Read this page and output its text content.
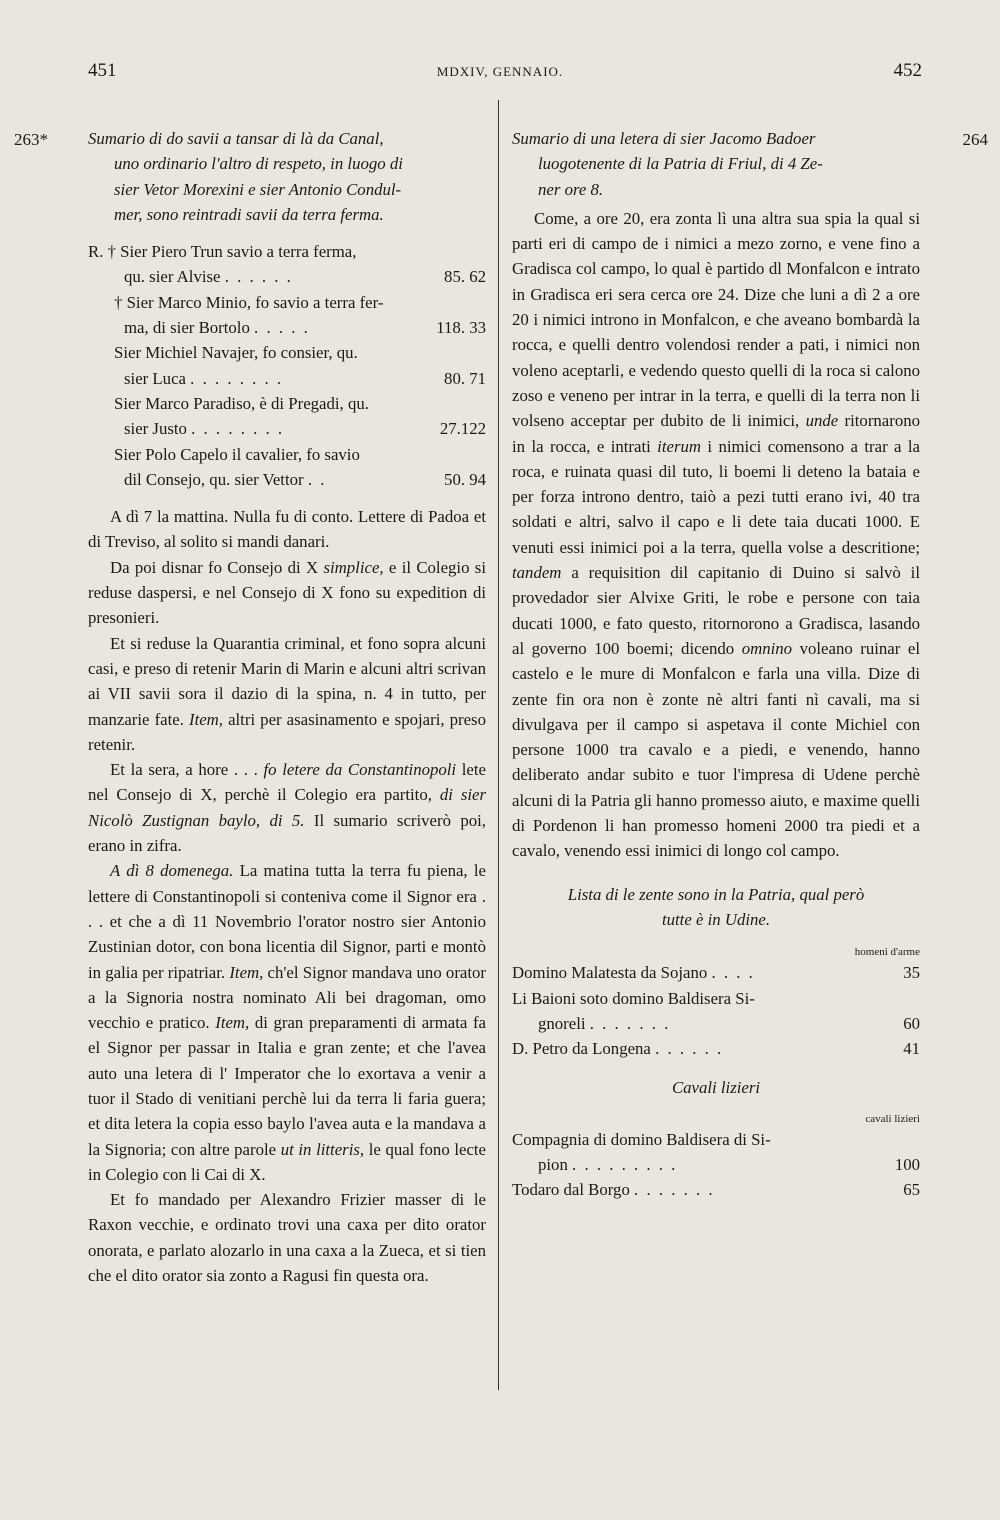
451	MDXIV, GENNAIO.	452
263*	264

Sumario di do savii a tansar di là da Canal,

uno ordinario l'altro di respeto, in luogo di

sier Vetor Morexini e sier Antonio Condul-

mer, sono reintradi savii da terra ferma.

R. † Sier Piero Trun savio a terra ferma,

qu. sier Alvise . . . . . .	85. 62

† Sier Marco Minio, fo savio a terra fer-

ma, di sier Bortolo . . . . .	118. 33

Sier Michiel Navajer, fo consier, qu.

sier Luca . . . . . . . .	80. 71

Sier Marco Paradiso, è di Pregadi, qu.

sier Justo . . . . . . . .	27.122

Sier Polo Capelo il cavalier, fo savio

dil Consejo, qu. sier Vettor . .	50. 94

A dì 7 la mattina. Nulla fu di conto. Lettere di Padoa et di Treviso, al solito si mandi danari.

Da poi disnar fo Consejo di X simplice, e il Colegio si reduse daspersi, e nel Consejo di X fono su expedition di presonieri.

Et si reduse la Quarantia criminal, et fono sopra alcuni casi, e preso di retenir Marin di Marin e alcuni altri scrivan ai VII savii sora il dazio di la spina, n. 4 in tutto, per manzarie fate. Item, altri per asasinamento e spojari, preso retenir.

Et la sera, a hore . . . fo letere da Constantinopoli lete nel Consejo di X, perchè il Colegio era partito, di sier Nicolò Zustignan baylo, di 5. Il sumario scriverò poi, erano in zifra.

A dì 8 domenega. La matina tutta la terra fu piena, le lettere di Constantinopoli si conteniva come il Signor era . . . et che a dì 11 Novembrio l'orator nostro sier Antonio Zustinian dotor, con bona licentia dil Signor, parti e montò in galia per ripatriar. Item, ch'el Signor mandava uno orator a la Signoria nostra nominato Ali bei dragoman, omo vecchio e pratico. Item, di gran preparamenti di armata fa el Signor per passar in Italia e gran zente; et che l'avea auto una letera di l' Imperator che lo exortava a venir a tuor il Stado di venitiani perchè lui da terra li faria guera; et dita letera la copia esso baylo l'avea auta e la mandava a la Signoria; con altre parole ut in litteris, le qual fono lecte in Colegio con li Cai di X.

Et fo mandado per Alexandro Frizier masser di le Raxon vecchie, e ordinato trovi una caxa per dito orator onorata, e parlato alozarlo in una caxa a la Zueca, et si tien che el dito orator sia zonto a Ragusi fin questa ora.

Sumario di una letera di sier Jacomo Badoer

luogotenente di la Patria di Friul, di 4 Ze-

ner ore 8.

Come, a ore 20, era zonta lì una altra sua spia la qual si parti eri di campo de i nimici a mezo zorno, e vene fino a Gradisca col campo, lo qual è partido dl Monfalcon e intrato in Gradisca eri sera cerca ore 24. Dize che luni a dì 2 a ore 20 i nimici introno in Monfalcon, e che aveano bombardà la rocca, e quelli dentro volendosi render a pati, i nimici non voleno aceptarli, e vedendo questo quelli di la roca si calono zoso e veneno per intrar in la terra, e quelli di la terra non li volseno acceptar per dubito de li inimici, unde ritornarono in la rocca, e intrati iterum i nimici comensono a trar a la roca, e ruinata quasi dil tuto, li boemi li deteno la bataia e per forza introno dentro, taiò a pezi tutti erano ivi, 40 tra soldati e altri, salvo il capo e li dete taia ducati 1000. E venuti essi inimici poi a la terra, quella volse a descritione; tandem a requisition dil capitanio di Duino si salvò il provedador sier Alvixe Griti, le robe e persone con taia ducati 1000, e fato questo, ritornorono a Gradisca, lasando al governo 100 boemi; dicendo omnino voleano ruinar el castelo e le mure di Monfalcon e farla una villa. Dize di zente fin ora non è zonte nè altri fanti nì cavali, ma si divulgava per il campo si aspetava il conte Michiel con persone 1000 tra cavalo e a piedi, e venendo, hanno deliberato andar subito e tuor l'impresa di Udene perchè alcuni di la Patria gli hanno promesso aiuto, e maxime quelli di Pordenon li han promesso homeni 2000 tra piedi et a cavalo, venendo essi inimici di longo col campo.

Lista di le zente sono in la Patria, qual però

tutte è in Udine.

homeni d'arme
Domino Malatesta da Sojano . . . .	35

Li Baioni soto domino Baldisera Si-

gnoreli . . . . . . .	60
D. Petro da Longena . . . . . .	41

Cavali lizieri

cavali lizieri

Compagnia di domino Baldisera di Si-

pion . . . . . . . . .	100
Todaro dal Borgo . . . . . . .	65
